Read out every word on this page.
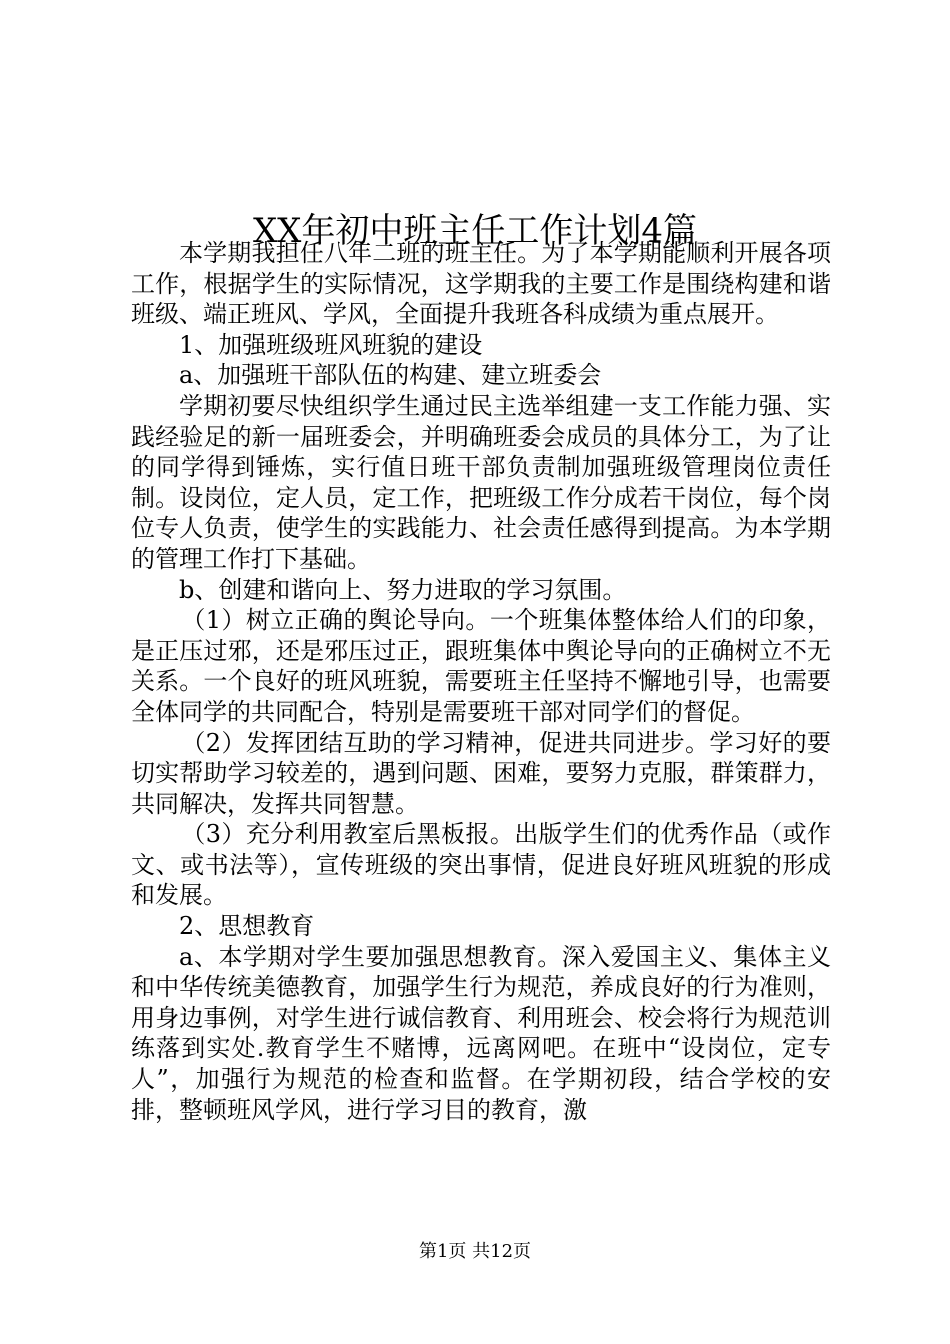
XX年初中班主任工作计划4篇

本学期我担任八年二班的班主任。为了本学期能顺利开展各项工作，根据学生的实际情况，这学期我的主要工作是围绕构建和谐班级、端正班风、学风，全面提升我班各科成绩为重点展开。

1、加强班级班风班貌的建设

a、加强班干部队伍的构建、建立班委会

学期初要尽快组织学生通过民主选举组建一支工作能力强、实践经验足的新一届班委会，并明确班委会成员的具体分工，为了让的同学得到锤炼，实行值日班干部负责制加强班级管理岗位责任制。设岗位，定人员，定工作，把班级工作分成若干岗位，每个岗位专人负责，使学生的实践能力、社会责任感得到提高。为本学期的管理工作打下基础。

b、创建和谐向上、努力进取的学习氛围。

（1）树立正确的舆论导向。一个班集体整体给人们的印象，是正压过邪，还是邪压过正，跟班集体中舆论导向的正确树立不无关系。一个良好的班风班貌，需要班主任坚持不懈地引导，也需要全体同学的共同配合，特别是需要班干部对同学们的督促。

（2）发挥团结互助的学习精神，促进共同进步。学习好的要切实帮助学习较差的，遇到问题、困难，要努力克服，群策群力，共同解决，发挥共同智慧。

（3）充分利用教室后黑板报。出版学生们的优秀作品（或作文、或书法等），宣传班级的突出事情，促进良好班风班貌的形成和发展。

2、思想教育

a、本学期对学生要加强思想教育。深入爱国主义、集体主义和中华传统美德教育，加强学生行为规范，养成良好的行为准则，用身边事例，对学生进行诚信教育、利用班会、校会将行为规范训练落到实处.教育学生不赌博，远离网吧。在班中“设岗位，定专人”，加强行为规范的检查和监督。在学期初段，结合学校的安排，整顿班风学风，进行学习目的教育，激

第1页 共12页
